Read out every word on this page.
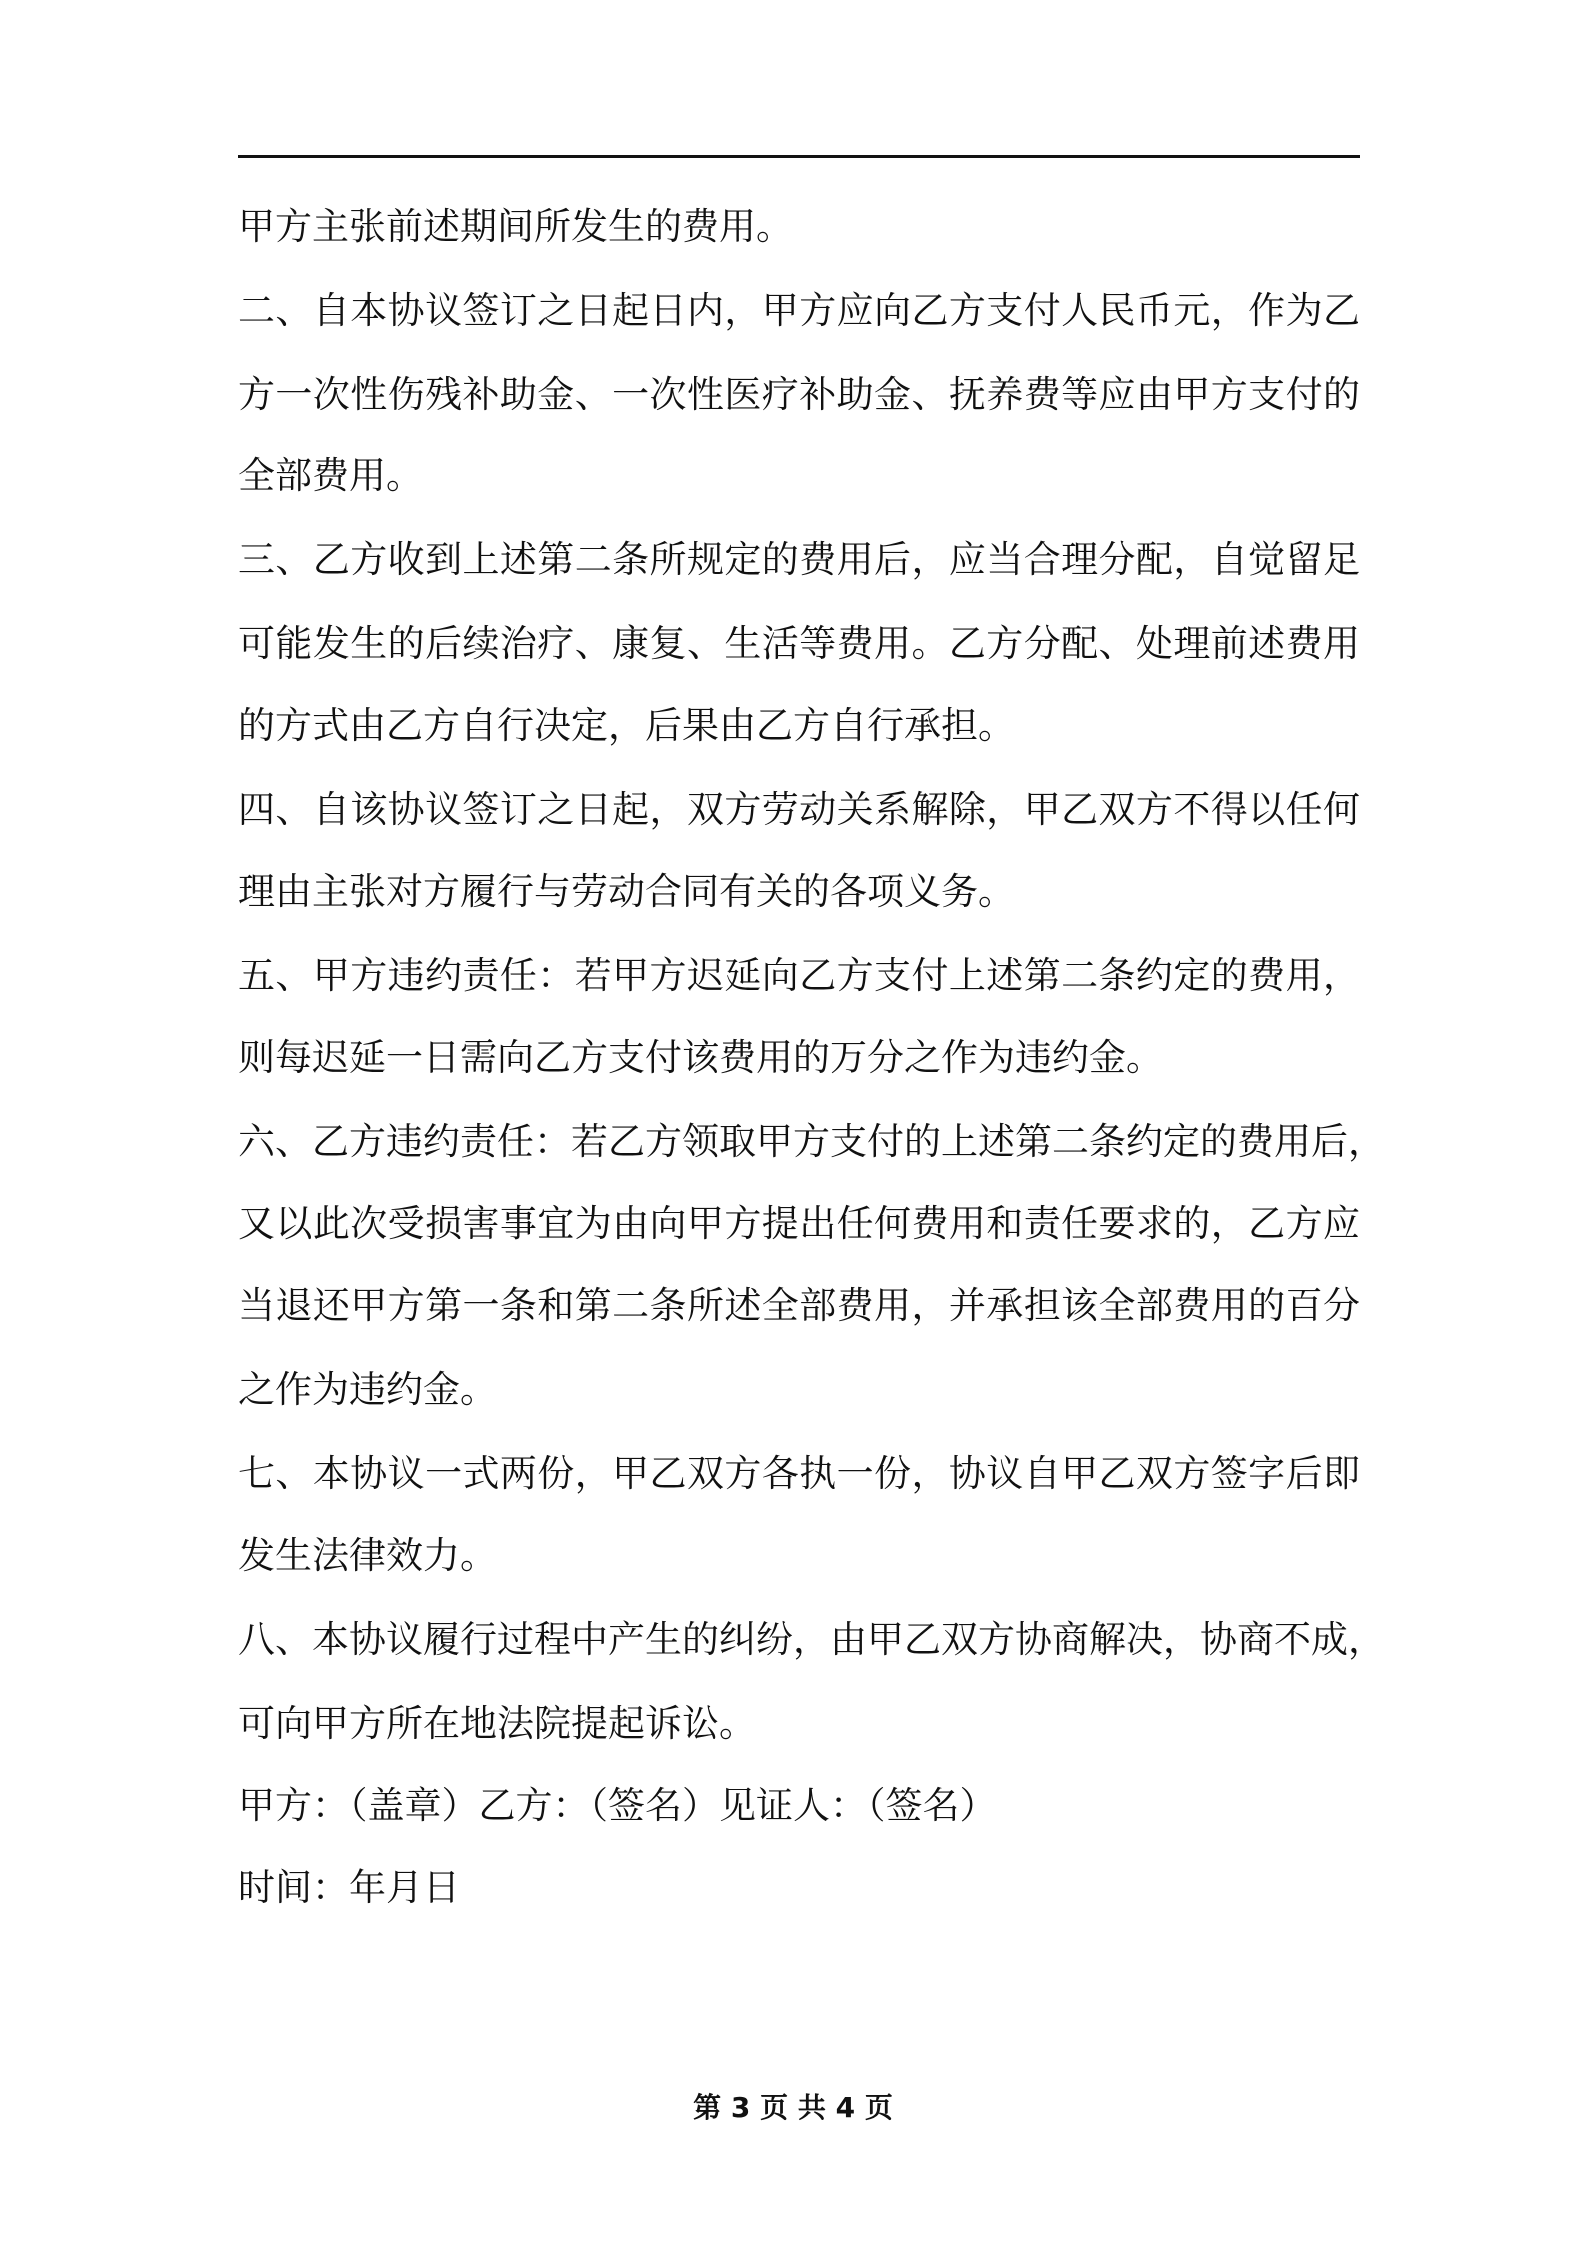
甲方主张前述期间所发生的费用。
二、自本协议签订之日起日内，甲方应向乙方支付人民币元，作为乙
方一次性伤残补助金、一次性医疗补助金、抚养费等应由甲方支付的
全部费用。
三、乙方收到上述第二条所规定的费用后，应当合理分配，自觉留足
可能发生的后续治疗、康复、生活等费用。乙方分配、处理前述费用
的方式由乙方自行决定，后果由乙方自行承担。
四、自该协议签订之日起，双方劳动关系解除，甲乙双方不得以任何
理由主张对方履行与劳动合同有关的各项义务。
五、甲方违约责任：若甲方迟延向乙方支付上述第二条约定的费用，
则每迟延一日需向乙方支付该费用的万分之作为违约金。
六、乙方违约责任：若乙方领取甲方支付的上述第二条约定的费用后，
又以此次受损害事宜为由向甲方提出任何费用和责任要求的，乙方应
当退还甲方第一条和第二条所述全部费用，并承担该全部费用的百分
之作为违约金。
七、本协议一式两份，甲乙双方各执一份，协议自甲乙双方签字后即
发生法律效力。
八、本协议履行过程中产生的纠纷，由甲乙双方协商解决，协商不成，
可向甲方所在地法院提起诉讼。
甲方：（盖章）乙方：（签名）见证人：（签名）
时间：年月日
第 3 页 共 4 页
